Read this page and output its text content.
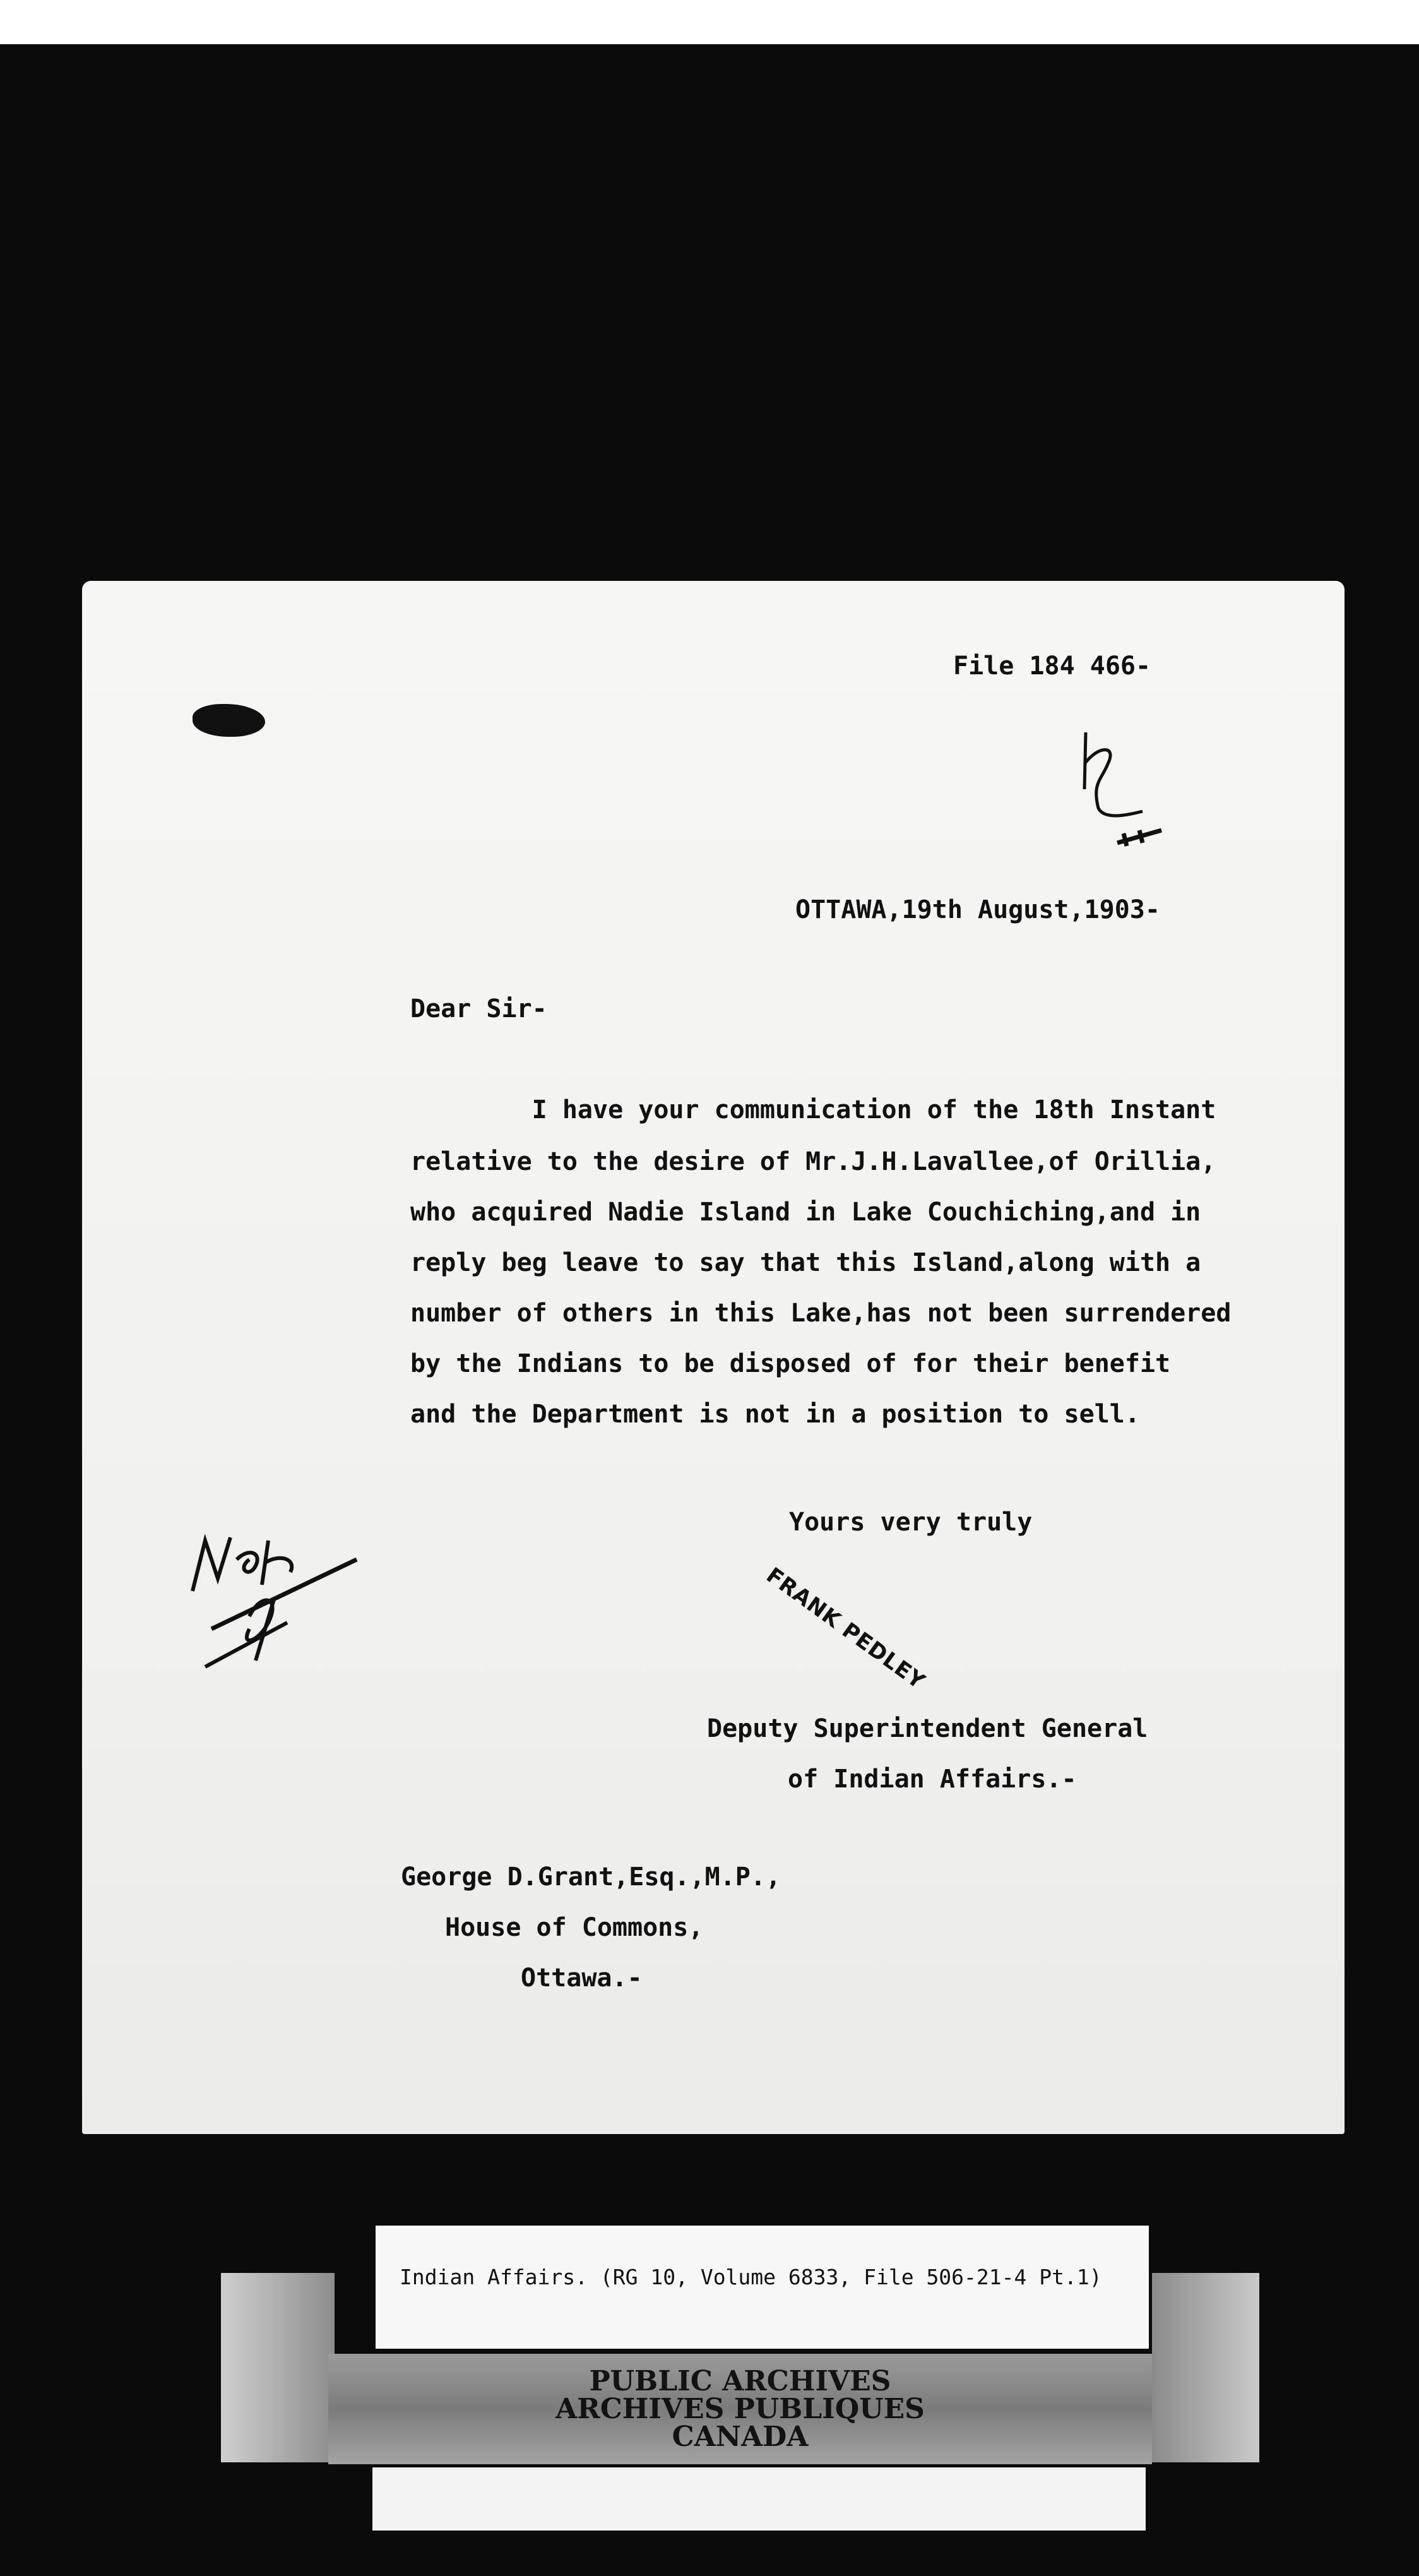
File 184 466-
OTTAWA,19th August,1903-
Dear Sir-
I have your communication of the 18th Instant
relative to the desire of Mr.J.H.Lavallee,of Orillia,
who acquired Nadie Island in Lake Couchiching,and in
reply beg leave to say that this Island,along with a
number of others in this Lake,has not been surrendered
by the Indians to be disposed of for their benefit
and the Department is not in a position to sell.
Yours very truly
FRANK PEDLEY
Deputy Superintendent General
of Indian Affairs.-
George D.Grant,Esq.,M.P.,
House of Commons,
Ottawa.-
Indian Affairs. (RG 10, Volume 6833, File 506-21-4 Pt.1)
PUBLIC ARCHIVES
ARCHIVES PUBLIQUES
CANADA
